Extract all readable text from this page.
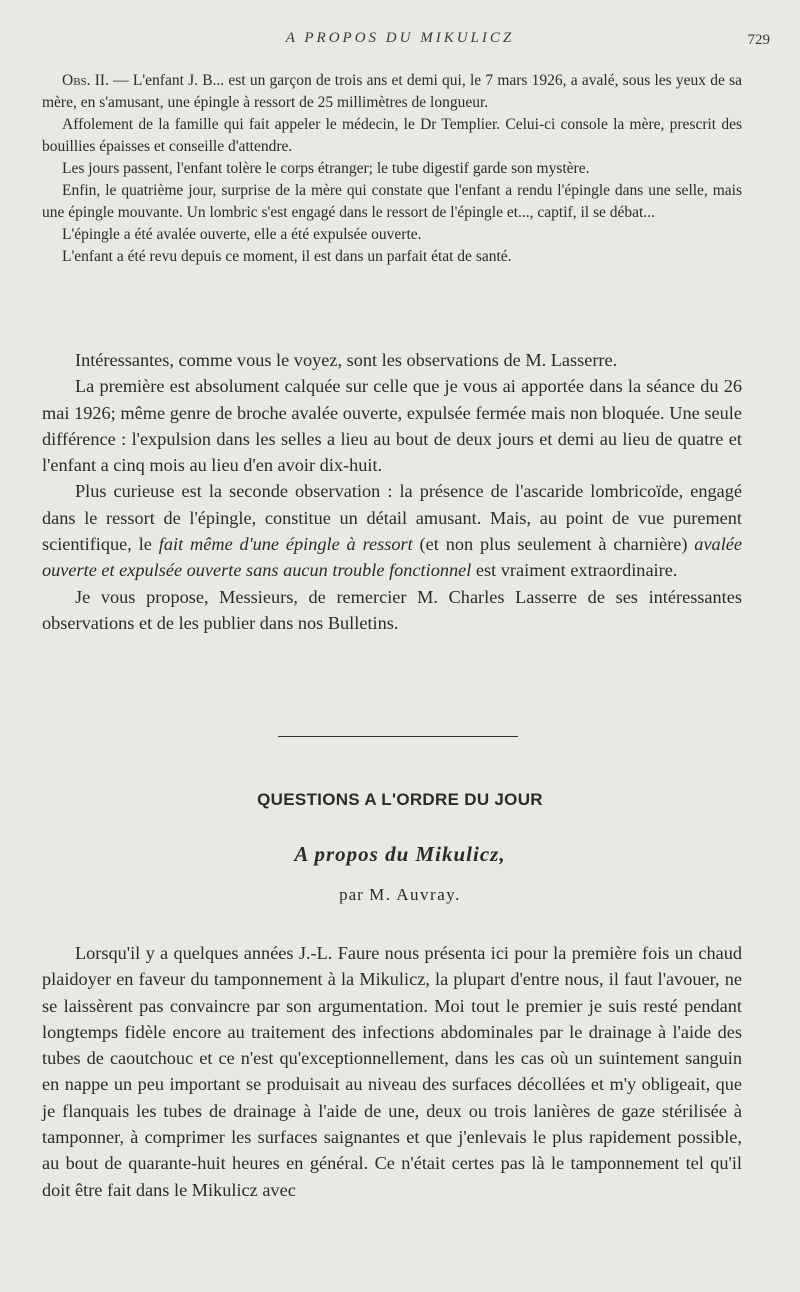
A PROPOS DU MIKULICZ	729

Obs. II. — L'enfant J. B... est un garçon de trois ans et demi qui, le 7 mars 1926, a avalé, sous les yeux de sa mère, en s'amusant, une épingle à ressort de 25 millimètres de longueur.

Affolement de la famille qui fait appeler le médecin, le Dr Templier. Celui-ci console la mère, prescrit des bouillies épaisses et conseille d'attendre.

Les jours passent, l'enfant tolère le corps étranger; le tube digestif garde son mystère.

Enfin, le quatrième jour, surprise de la mère qui constate que l'enfant a rendu l'épingle dans une selle, mais une épingle mouvante. Un lombric s'est engagé dans le ressort de l'épingle et..., captif, il se débat...

L'épingle a été avalée ouverte, elle a été expulsée ouverte.

L'enfant a été revu depuis ce moment, il est dans un parfait état de santé.

Intéressantes, comme vous le voyez, sont les observations de M. Lasserre.

La première est absolument calquée sur celle que je vous ai apportée dans la séance du 26 mai 1926; même genre de broche avalée ouverte, expulsée fermée mais non bloquée. Une seule différence : l'expulsion dans les selles a lieu au bout de deux jours et demi au lieu de quatre et l'enfant a cinq mois au lieu d'en avoir dix-huit.

Plus curieuse est la seconde observation : la présence de l'ascaride lombricoïde, engagé dans le ressort de l'épingle, constitue un détail amusant. Mais, au point de vue purement scientifique, le fait même d'une épingle à ressort (et non plus seulement à charnière) avalée ouverte et expulsée ouverte sans aucun trouble fonctionnel est vraiment extraordinaire.

Je vous propose, Messieurs, de remercier M. Charles Lasserre de ses intéressantes observations et de les publier dans nos Bulletins.

QUESTIONS A L'ORDRE DU JOUR
A propos du Mikulicz,
par M. Auvray.

Lorsqu'il y a quelques années J.-L. Faure nous présenta ici pour la première fois un chaud plaidoyer en faveur du tamponnement à la Mikulicz, la plupart d'entre nous, il faut l'avouer, ne se laissèrent pas convaincre par son argumentation. Moi tout le premier je suis resté pendant longtemps fidèle encore au traitement des infections abdominales par le drainage à l'aide des tubes de caoutchouc et ce n'est qu'exceptionnellement, dans les cas où un suintement sanguin en nappe un peu important se produisait au niveau des surfaces décollées et m'y obligeait, que je flanquais les tubes de drainage à l'aide de une, deux ou trois lanières de gaze stérilisée à tamponner, à comprimer les surfaces saignantes et que j'enlevais le plus rapidement possible, au bout de quarante-huit heures en général. Ce n'était certes pas là le tamponnement tel qu'il doit être fait dans le Mikulicz avec
